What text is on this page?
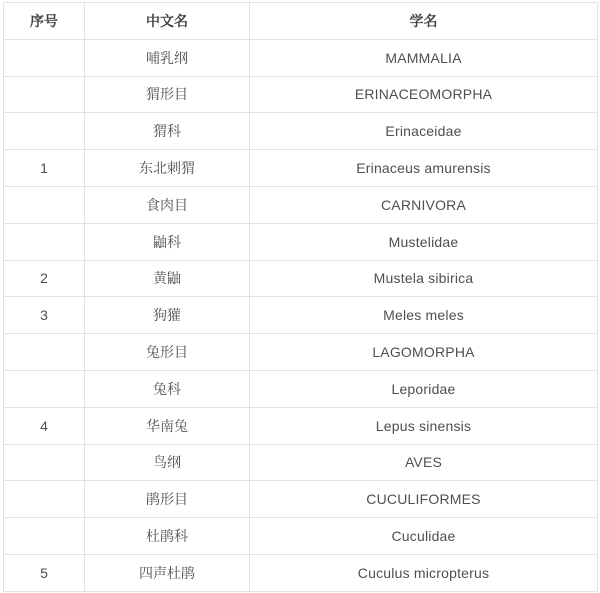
序号	中文名	学名
	哺乳纲	MAMMALIA
	猬形目	ERINACEOMORPHA
	猬科	Erinaceidae
1	东北刺猬	Erinaceus amurensis
	食肉目	CARNIVORA
	鼬科	Mustelidae
2	黄鼬	Mustela sibirica
3	狗獾	Meles meles
	兔形目	LAGOMORPHA
	兔科	Leporidae
4	华南兔	Lepus sinensis
	鸟纲	AVES
	鹃形目	CUCULIFORMES
	杜鹃科	Cuculidae
5	四声杜鹃	Cuculus micropterus
